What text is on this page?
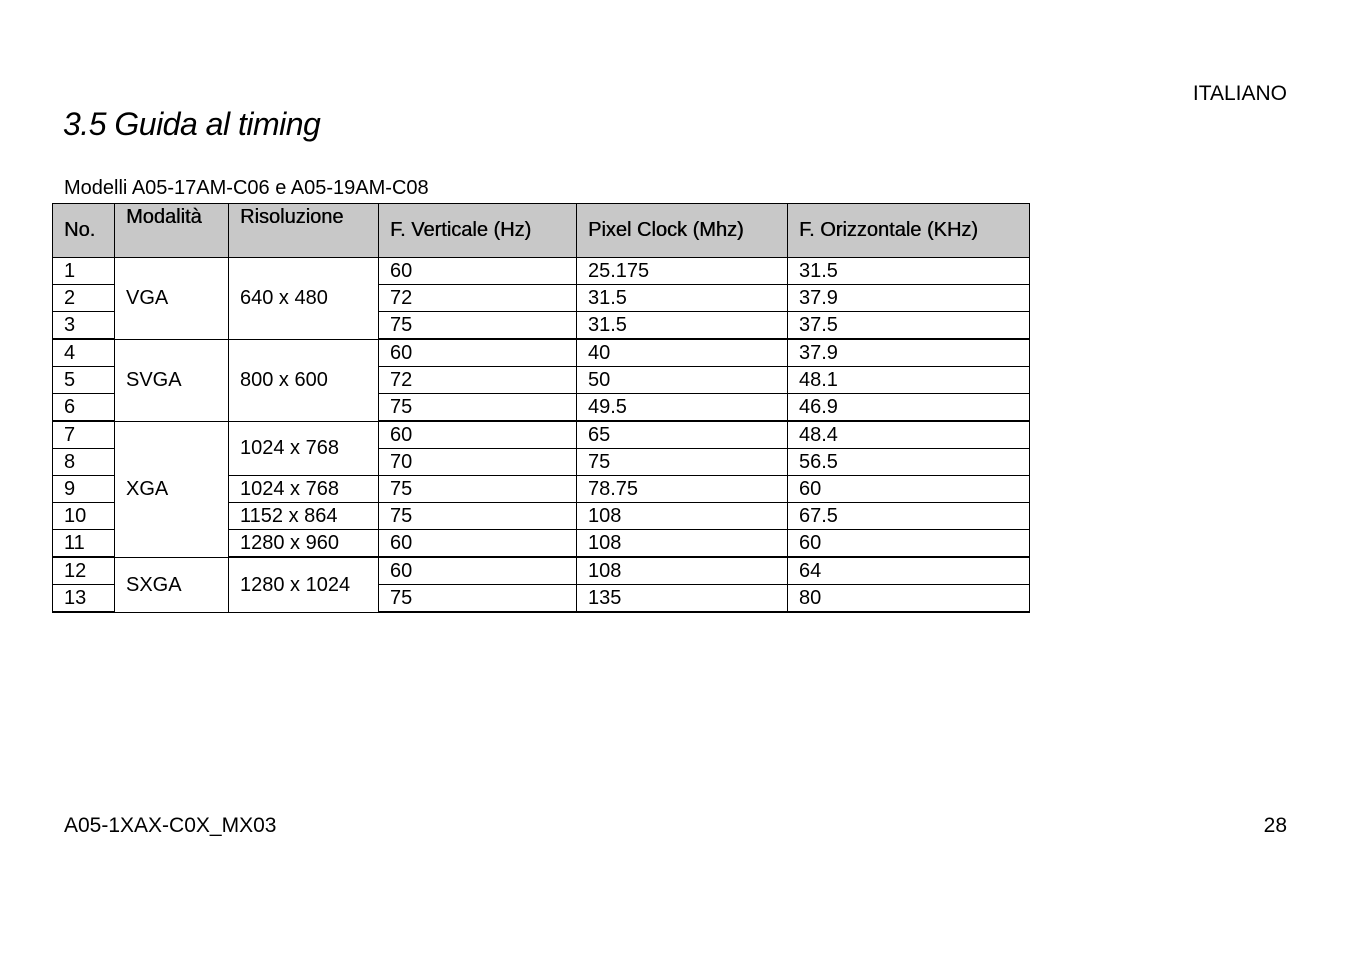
ITALIANO
3.5 Guida al timing
Modelli A05-17AM-C06 e A05-19AM-C08
No.	Modalità	Risoluzione	F. Verticale (Hz)	Pixel Clock (Mhz)	F. Orizzontale (KHz)
1	VGA	640 x 480	60	25.175	31.5
2			72	31.5	37.9
3			75	31.5	37.5
4	SVGA	800 x 600	60	40	37.9
5			72	50	48.1
6			75	49.5	46.9
7	XGA	1024 x 768	60	65	48.4
8			70	75	56.5
9		1024 x 768	75	78.75	60
10		1152 x 864	75	108	67.5
11		1280 x 960	60	108	60
12	SXGA	1280 x 1024	60	108	64
13			75	135	80
A05-1XAX-C0X_MX03	28
